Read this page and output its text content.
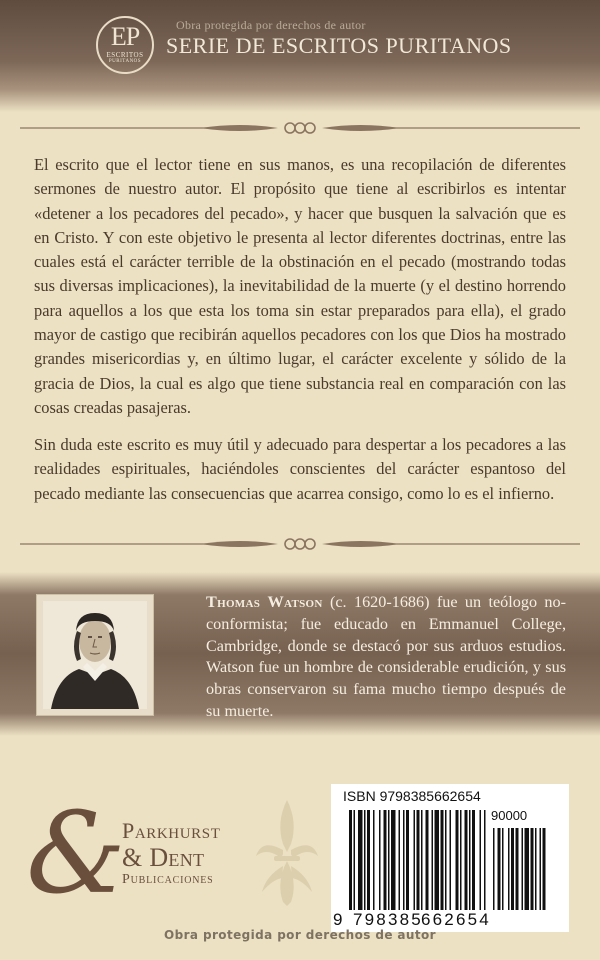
Obra protegida por derechos de autor
EP
ESCRITOS
PURITANOS
SERIE DE ESCRITOS PURITANOS

El escrito que el lector tiene en sus manos, es una recopilación de diferentes sermones de nuestro autor. El propósito que tiene al escribirlos es intentar «detener a los pecadores del pecado», y hacer que busquen la salvación que es en Cristo. Y con este objetivo le presenta al lector diferentes doctrinas, entre las cuales está el carácter terrible de la obstinación en el pecado (mostrando todas sus diversas implicaciones), la inevitabilidad de la muerte (y el destino horrendo para aquellos a los que esta los toma sin estar preparados para ella), el grado mayor de castigo que recibirán aquellos pecadores con los que Dios ha mostrado grandes misericordias y, en último lugar, el carácter excelente y sólido de la gracia de Dios, la cual es algo que tiene substancia real en comparación con las cosas creadas pasajeras.

Sin duda este escrito es muy útil y adecuado para despertar a los pecadores a las realidades espirituales, haciéndoles conscientes del carácter espantoso del pecado mediante las consecuencias que acarrea consigo, como lo es el infierno.

Thomas Watson (c. 1620-1686) fue un teólogo no-conformista; fue educado en Emmanuel College, Cambridge, donde se destacó por sus arduos estudios. Watson fue un hombre de considerable erudición, y sus obras conservaron su fama mucho tiempo después de su muerte.

&
Parkhurst
& Dent
Publicaciones
ISBN 9798385662654
90000
9 798385
662654
Obra protegida por derechos de autor
